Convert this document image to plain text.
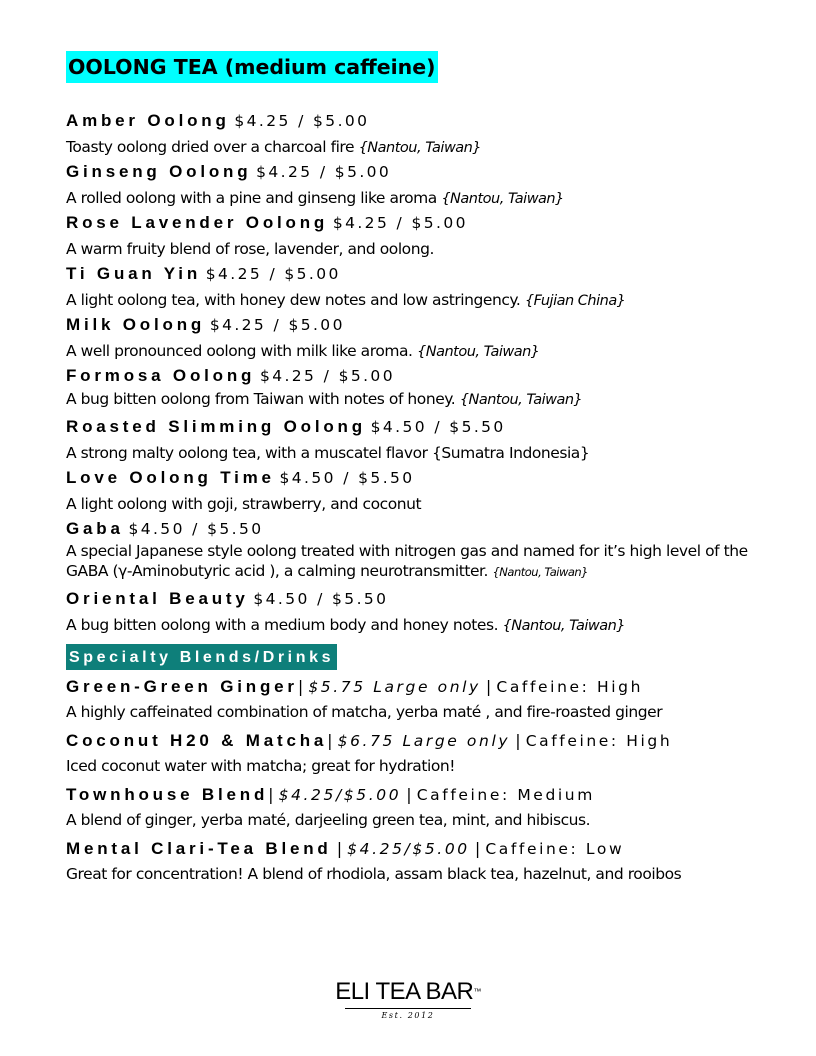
OOLONG TEA (medium caffeine)
Amber Oolong $4.25 / $5.00
Toasty oolong dried over a charcoal fire {Nantou, Taiwan}
Ginseng Oolong $4.25 / $5.00
A rolled oolong with a pine and ginseng like aroma {Nantou, Taiwan}
Rose Lavender Oolong $4.25 / $5.00
A warm fruity blend of rose, lavender, and oolong.
Ti Guan Yin $4.25 / $5.00
A light oolong tea, with honey dew notes and low astringency. {Fujian China}
Milk Oolong $4.25 / $5.00
A well pronounced oolong with milk like aroma. {Nantou, Taiwan}
Formosa Oolong $4.25 / $5.00
A bug bitten oolong from Taiwan with notes of honey. {Nantou, Taiwan}
Roasted Slimming Oolong $4.50 / $5.50
A strong malty oolong tea, with a muscatel flavor {Sumatra Indonesia}
Love Oolong Time $4.50 / $5.50
A light oolong with goji, strawberry, and coconut
Gaba $4.50 / $5.50
A special Japanese style oolong treated with nitrogen gas and named for it’s high level of the GABA (γ-Aminobutyric acid ), a calming neurotransmitter. {Nantou, Taiwan}
Oriental Beauty $4.50 / $5.50
A bug bitten oolong with a medium body and honey notes. {Nantou, Taiwan}
Specialty Blends/Drinks
Green-Green Ginger| $5.75 Large only | Caffeine: High
A highly caffeinated combination of matcha, yerba maté , and fire-roasted ginger
Coconut H20 & Matcha| $6.75 Large only | Caffeine: High
Iced coconut water with matcha; great for hydration!
Townhouse Blend| $4.25/$5.00 | Caffeine: Medium
A blend of ginger, yerba maté, darjeeling green tea, mint, and hibiscus.
Mental Clari-Tea Blend | $4.25/$5.00 | Caffeine: Low
Great for concentration! A blend of rhodiola, assam black tea, hazelnut, and rooibos
ELI TEA BAR™
Est. 2012
